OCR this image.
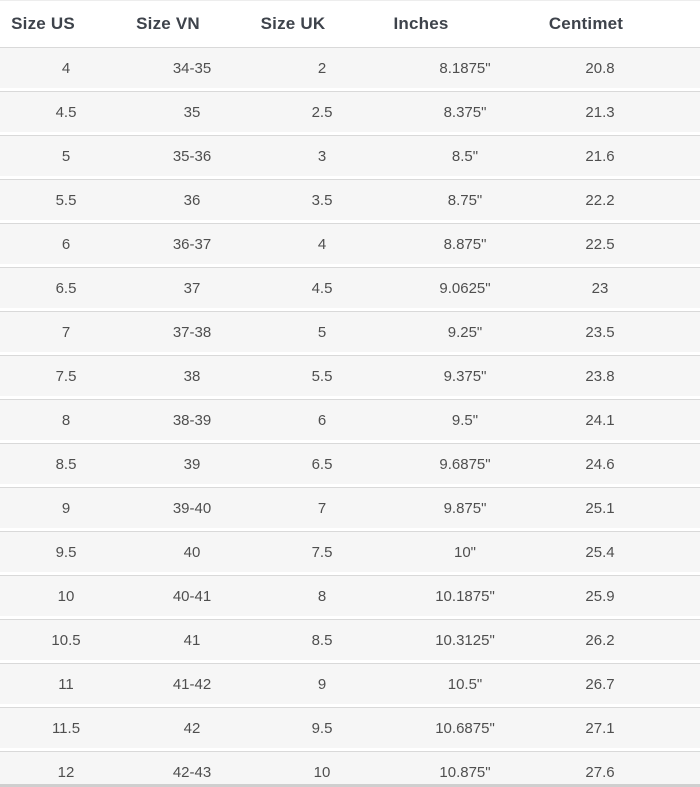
Size US	Size VN	Size UK	Inches	Centimet

4	34-35	2	8.1875"	20.8
4.5	35	2.5	8.375"	21.3
5	35-36	3	8.5"	21.6
5.5	36	3.5	8.75"	22.2
6	36-37	4	8.875"	22.5
6.5	37	4.5	9.0625"	23
7	37-38	5	9.25"	23.5
7.5	38	5.5	9.375"	23.8
8	38-39	6	9.5"	24.1
8.5	39	6.5	9.6875"	24.6
9	39-40	7	9.875"	25.1
9.5	40	7.5	10"	25.4
10	40-41	8	10.1875"	25.9
10.5	41	8.5	10.3125"	26.2
11	41-42	9	10.5"	26.7
11.5	42	9.5	10.6875"	27.1
12	42-43	10	10.875"	27.6
